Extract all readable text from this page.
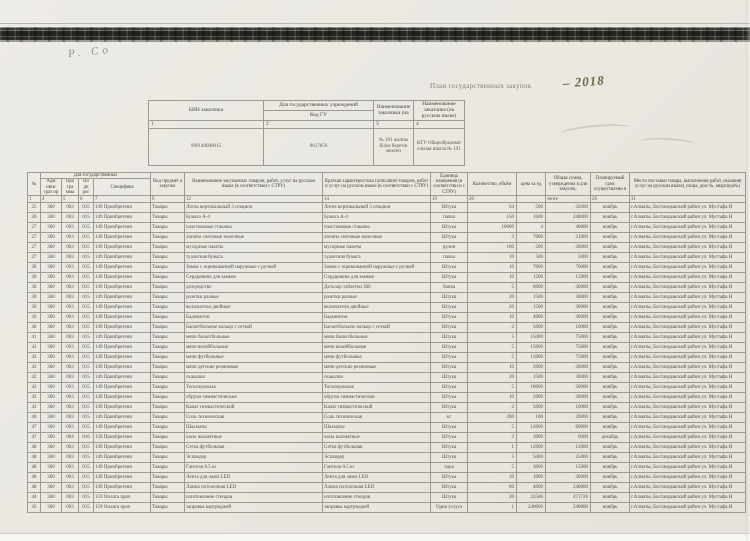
Р. Со
План государственных закупок – 2018
БИН заказчика	Для государственных учреждений	Наименование заказчика (на	Наименование заказчика (на русском языке)
	Код ГУ		
1	2	3	4
990140000015	9617859	№ 191 жалпы білім беретін мектеп	КГУ Общеобразоват ельная школа № 191
№	Для государственных				Вид предмет а закупок	Наименование закупаемых товаров, работ, услуг на русском языке (в соответствии с СТРУ)	Краткая характеристика (описание) товаров, работ и услуг на русском языке (в соответствии с СТРУ)	Единица измерения (в соответстви и с СТРУ)	Количество, объём	цена за ед	Общая сумма, утвержденна я для закупок,	Планируемый срок осуществлени я	Место поставки товара, выполнения работ, оказания услуг на русском языке( улица, дом №, квартира№)
	Адм инис трат ор	Про гра мма	По дп рог	Специфика									
1	4	5	6	7	9	12	14	19	20		тенге	26	31
25	360	003	015	149 Приобретени	Товары	Лоток вертикальный 3 секцион	Лоток вертикальный 3 секцион	Штука	64	500	32000	ноябрь	г.Алматы, Бостандыкский район ул. Мустафа Н
26	360	003	015	149 Приобретени	Товары	Бумага А-4	Бумага А-4	пачка	150	1600	240000	ноябрь	г.Алматы, Бостандыкский район ул. Мустафа Н
27	360	003	015	149 Приобретени	Товары	пластиковые стаканы	пластиковые стаканы	Штука	10000	4	40000	ноябрь	г.Алматы, Бостандыкский район ул. Мустафа Н
27	360	003	015	149 Приобретени	Товары	лопаты снеговые железные	лопаты снеговые железные	Штука	3	7000	21000	ноябрь	г.Алматы, Бостандыкский район ул. Мустафа Н
27	360	003	015	149 Приобретени	Товары	мусорные пакеты	мусорные пакеты	рулон	100	200	20000	ноябрь	г.Алматы, Бостандыкский район ул. Мустафа Н
27	360	003	015	149 Приобретени	Товары	туалетная бумага	туалетная бумага	пачка	10	500	5000	ноябрь	г.Алматы, Бостандыкский район ул. Мустафа Н
28	360	003	015	149 Приобретени	Товары	Замок с оцинкованной наружные с ручкой	Замок с оцинкованной наружные с ручкой	Штука	10	7000	70000	ноябрь	г.Алматы, Бостандыкский район ул. Мустафа Н
28	360	003	015	149 Приобретени	Товары	Сердцевина для замков	Сердцевина для замков	Штука	10	1500	15000	ноябрь	г.Алматы, Бостандыкский район ул. Мустафа Н
30	360	003	015	149 Приобретени	Товары	дезсредство	Дезхлор таблетки 300	банка	5	6000	30000	ноябрь	г.Алматы, Бостандыкский район ул. Мустафа Н
30	360	003	015	149 Приобретени	Товары	розетки разные	розетки разные	Штука	20	1500	30000	ноябрь	г.Алматы, Бостандыкский район ул. Мустафа Н
30	360	003	015	149 Приобретени	Товары	включатели двойные	включатели двойные	Штука	20	1500	30000	ноябрь	г.Алматы, Бостандыкский район ул. Мустафа Н
36	360	003	015	149 Приобретени	Товары	Бадминтон	Бадминтон	Штука	10	4000	40000	ноябрь	г.Алматы, Бостандыкский район ул. Мустафа Н
40	360	003	015	149 Приобретени	Товары	Баскетбольное кольцо с сеткой	Баскетбольное кольцо с сеткой	Штука	2	5000	10000	ноябрь	г.Алматы, Бостандыкский район ул. Мустафа Н
41	360	003	015	149 Приобретени	Товары	мячи баскетбольные	мячи баскетбольные	Штука	5	15000	75000	ноябрь	г.Алматы, Бостандыкский район ул. Мустафа Н
42	360	003	015	149 Приобретени	Товары	мячи волейбольные	мячи волейбольные	Штука	5	15000	75000	ноябрь	г.Алматы, Бостандыкский район ул. Мустафа Н
42	360	003	015	149 Приобретени	Товары	мячи футбольные	мячи футбольные	Штука	5	15000	75000	ноябрь	г.Алматы, Бостандыкский район ул. Мустафа Н
42	360	003	015	149 Приобретени	Товары	мячи детские резиновые	мячи детские резиновые	Штука	10	2000	20000	ноябрь	г.Алматы, Бостандыкский район ул. Мустафа Н
42	360	003	015	149 Приобретени	Товары	скакалки	скакалки	Штука	20	1500	30000	ноябрь	г.Алматы, Бостандыкский район ул. Мустафа Н
42	360	003	015	149 Приобретени	Товары	Тогызкумалак	Тогызкумалак	Штука	5	10000	50000	ноябрь	г.Алматы, Бостандыкский район ул. Мустафа Н
42	360	003	015	149 Приобретени	Товары	обручи гимнастические	обручи гимнастические	Штука	10	2000	20000	ноябрь	г.Алматы, Бостандыкский район ул. Мустафа Н
42	360	003	015	149 Приобретени	Товары	Канат гимнастический	Канат гимнастический	Штука	2	5000	10000	ноябрь	г.Алматы, Бостандыкский район ул. Мустафа Н
46	360	003	015	149 Приобретени	Товары	Соль техническая	Соль техническая	кг	200	100	20000	ноябрь	г.Алматы, Бостандыкский район ул. Мустафа Н
47	360	003	015	149 Приобретени	Товары	Шахматы	Шахматы	Штука	5	12000	60000	ноябрь	г.Алматы, Бостандыкский район ул. Мустафа Н
47	360	004	016	150 Приобретени	Товары	часы шахматные	часы шахматные	Штука	2	3000	6000	декабрь	г.Алматы, Бостандыкский район ул. Мустафа Н
48	360	003	015	149 Приобретени	Товары	Сетка футбольная	Сетка футбольная	Штука	1	12000	12000	ноябрь	г.Алматы, Бостандыкский район ул. Мустафа Н
48	360	003	015	149 Приобретени	Товары	Эспандер	Эспандер	Штука	5	5000	25000	ноябрь	г.Алматы, Бостандыкский район ул. Мустафа Н
48	360	003	015	149 Приобретени	Товары	Гантели 0.5 кг	Гантели 0.5 кг	пара	5	3000	15000	ноябрь	г.Алматы, Бостандыкский район ул. Мустафа Н
48	360	003	015	149 Приобретени	Товары	Лента для ламп LED	Лента для ламп LED	Штука	30	1000	30000	ноябрь	г.Алматы, Бостандыкский район ул. Мустафа Н
48	360	003	015	149 Приобретени	Товары	Лампа потолочная LED	Лампа потолочная LED	Штука	60	4000	240000	ноябрь	г.Алматы, Бостандыкский район ул. Мустафа Н
44	360	003	015	159 Оплата проч	Товары	изготовление стендов	изготовление стендов	Штука	20	23586	471720	ноябрь	г.Алматы, Бостандыкский район ул. Мустафа Н
45	360	003	015	159 Оплата проч	Товары	заправка картриджей	заправка картриджей	Одна услуга	1	240000	240000	ноябрь	г.Алматы, Бостандыкский район ул. Мустафа Н
